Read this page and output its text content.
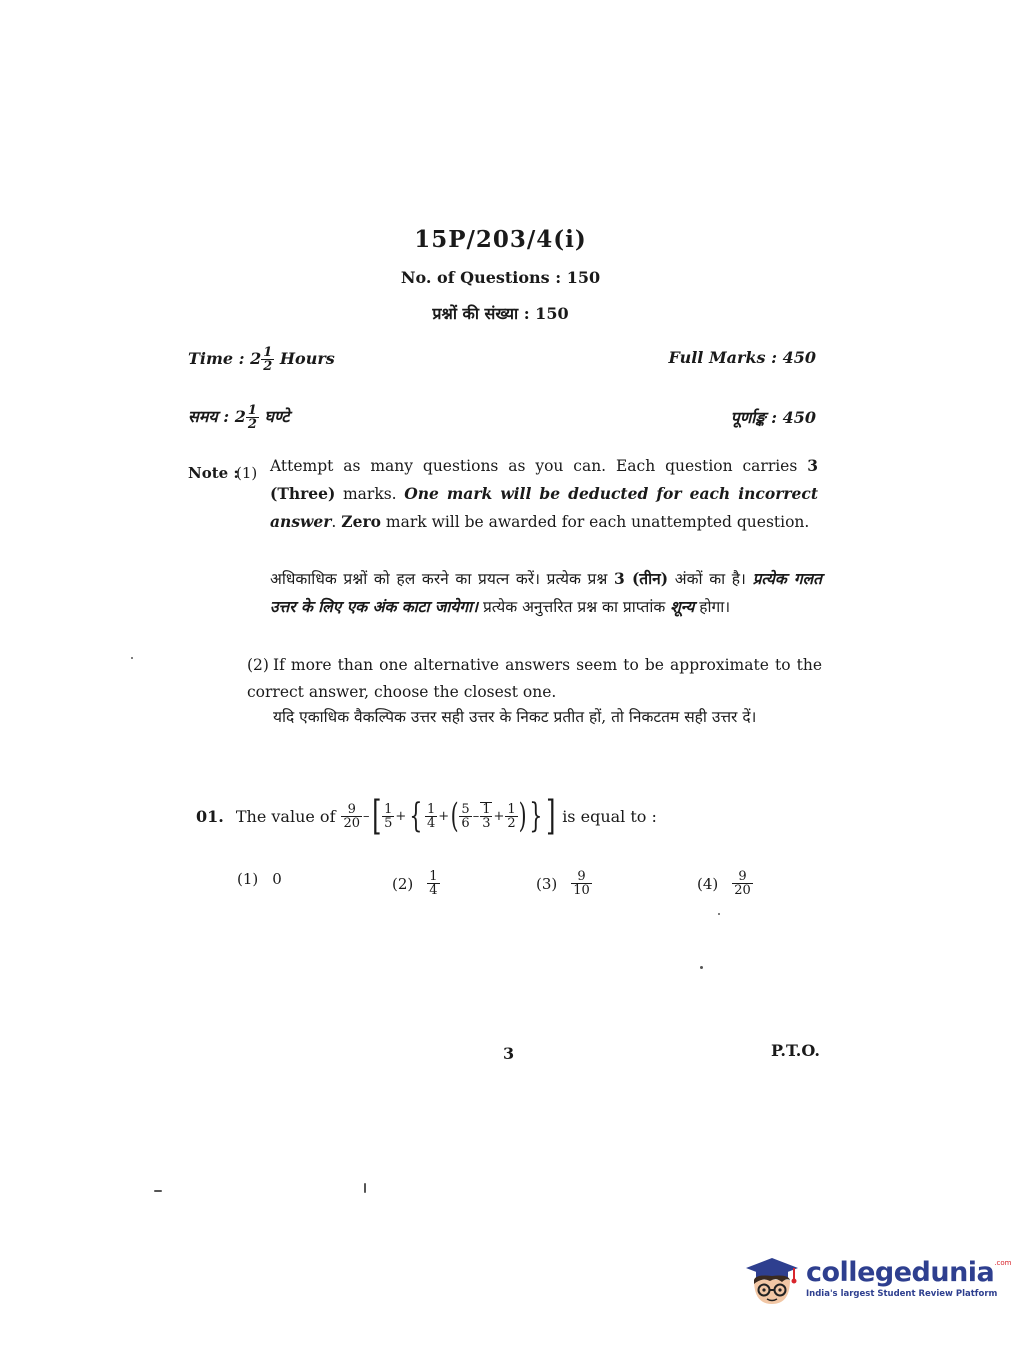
15P/203/4(i)
No. of Questions : 150
प्रश्नों की संख्या : 150
Time : $2 \frac{1}{2}$ Hours
समय : $2 \frac{1}{2}$ घण्टे
Full Marks : 450
पूर्णाङ्क : 450
Note :
(1) Attempt as many questions as you can. Each question carries 3 (Three) marks. One mark will be deducted for each incorrect answer. Zero mark will be awarded for each unattempted question.
अधिकाधिक प्रश्नों को हल करने का प्रयत्न करें। प्रत्येक प्रश्न 3 (तीन) अंकों का है। प्रत्येक गलत उत्तर के लिए एक अंक काटा जायेगा। प्रत्येक अनुत्तरित प्रश्न का प्राप्तांक शून्य होगा।
(2) If more than one alternative answers seem to be approximate to the correct answer, choose the closest one.
यदि एकाधिक वैकल्पिक उत्तर सही उत्तर के निकट प्रतीत हों, तो निकटतम सही उत्तर दें।
01. The value of $\frac{9}{20}$ – [ $\frac{1}{5}$ + { $\frac{1}{4}$ + ( $\frac{5}{6} - \frac{1}{3} + \frac{1}{2}$ ) } ] is equal to :
(1) 0	$(2) \frac{1}{4}$	$(3) \frac{9}{10}$	$(4) \frac{9}{20}$
3	P.T.O.
collegedunia$^{.com}$
India's largest Student Review Platform
